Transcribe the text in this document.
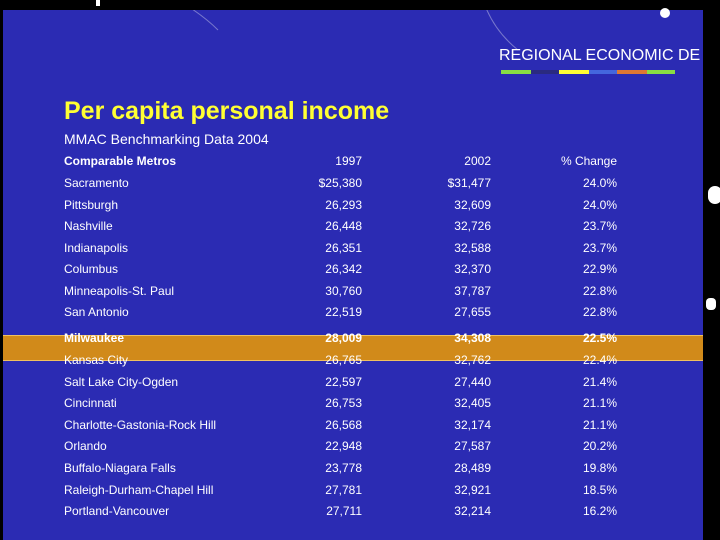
REGIONAL ECONOMIC DE
Per capita personal income
MMAC Benchmarking Data 2004
Comparable Metros	1997	2002	% Change
Sacramento	$25,380	$31,477	24.0%
Pittsburgh	26,293	32,609	24.0%
Nashville	26,448	32,726	23.7%
Indianapolis	26,351	32,588	23.7%
Columbus	26,342	32,370	22.9%
Minneapolis-St. Paul	30,760	37,787	22.8%
San Antonio	22,519	27,655	22.8%
Milwaukee	28,009	34,308	22.5%
Kansas City	26,765	32,762	22.4%
Salt Lake City-Ogden	22,597	27,440	21.4%
Cincinnati	26,753	32,405	21.1%
Charlotte-Gastonia-Rock Hill	26,568	32,174	21.1%
Orlando	22,948	27,587	20.2%
Buffalo-Niagara Falls	23,778	28,489	19.8%
Raleigh-Durham-Chapel Hill	27,781	32,921	18.5%
Portland-Vancouver	27,711	32,214	16.2%
